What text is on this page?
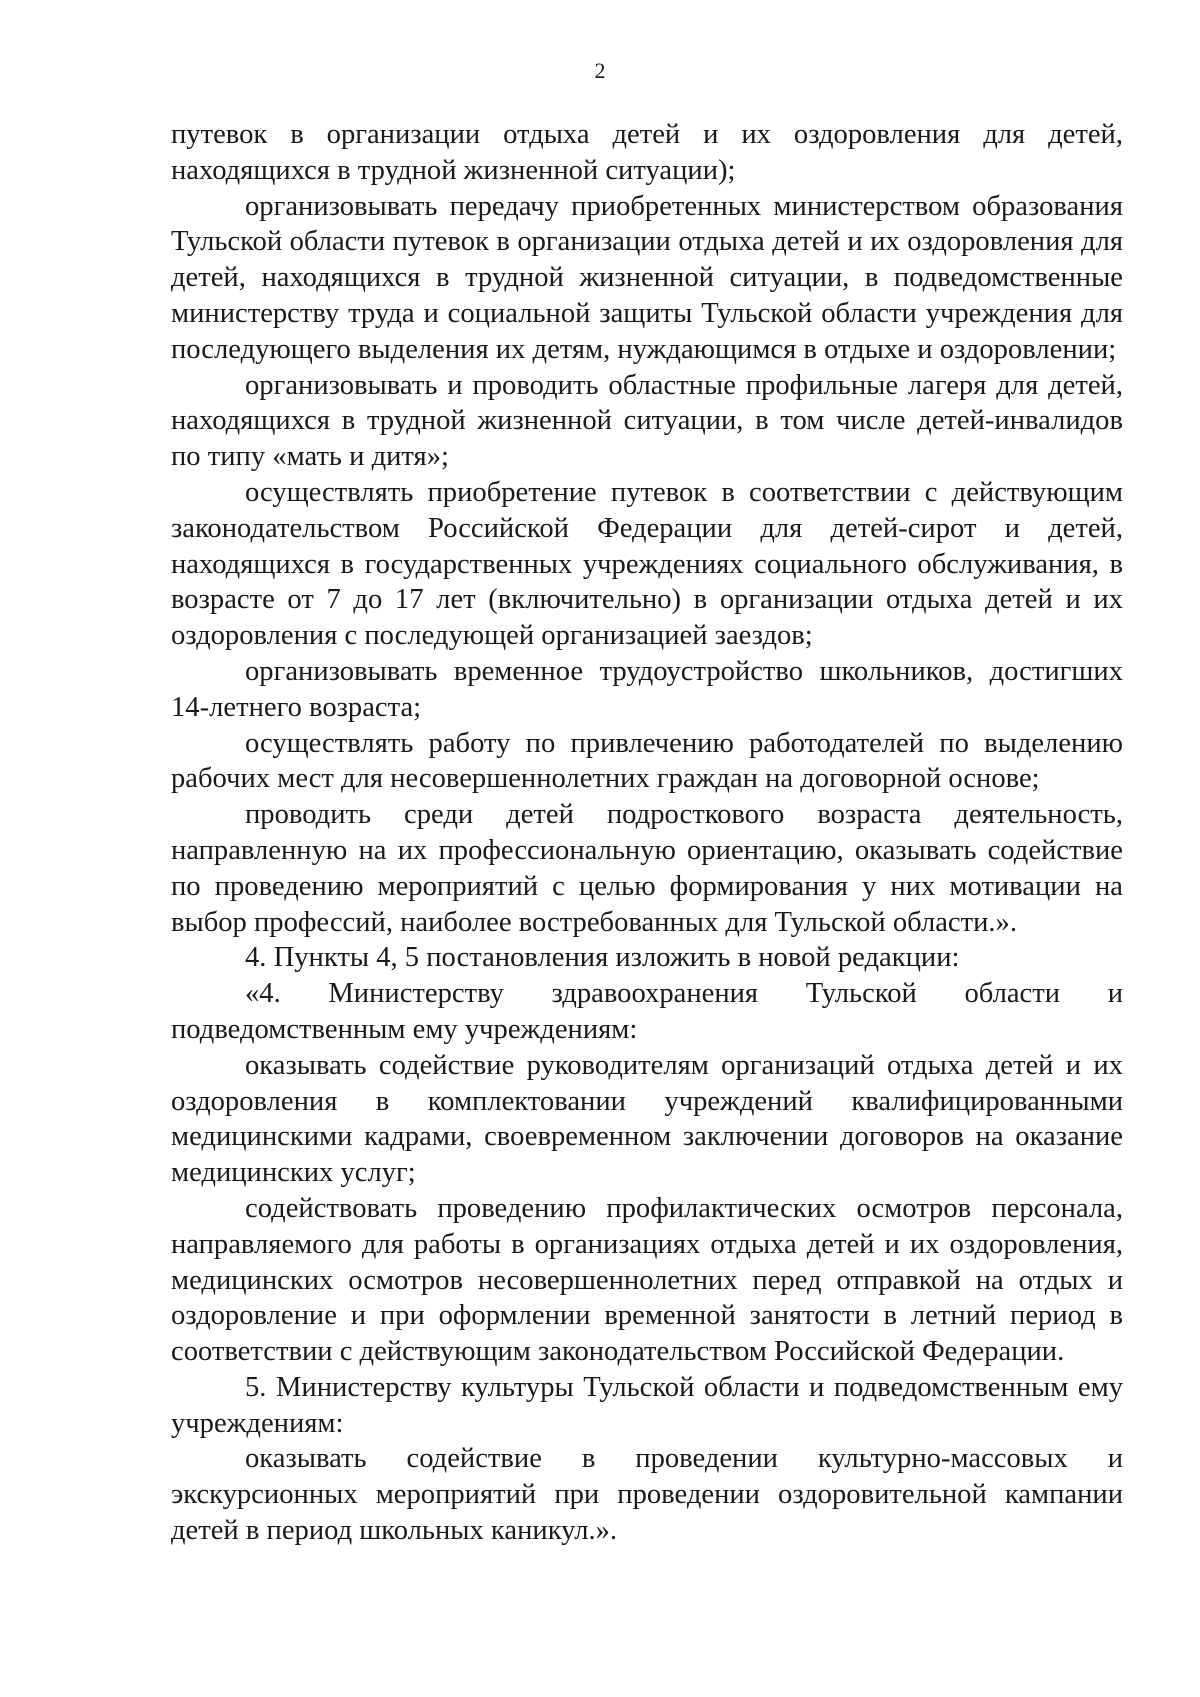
2

путевок в организации отдыха детей и их оздоровления для детей, находящихся в трудной жизненной ситуации);

организовывать передачу приобретенных министерством образования Тульской области путевок в организации отдыха детей и их оздоровления для детей, находящихся в трудной жизненной ситуации, в подведомственные министерству труда и социальной защиты Тульской области учреждения для последующего выделения их детям, нуждающимся в отдыхе и оздоровлении;

организовывать и проводить областные профильные лагеря для детей, находящихся в трудной жизненной ситуации, в том числе детей-инвалидов по типу «мать и дитя»;

осуществлять приобретение путевок в соответствии с действующим законодательством Российской Федерации для детей-сирот и детей, находящихся в государственных учреждениях социального обслуживания, в возрасте от 7 до 17 лет (включительно) в организации отдыха детей и их оздоровления с последующей организацией заездов;

организовывать временное трудоустройство школьников, достигших 14-летнего возраста;

осуществлять работу по привлечению работодателей по выделению рабочих мест для несовершеннолетних граждан на договорной основе;

проводить среди детей подросткового возраста деятельность, направленную на их профессиональную ориентацию, оказывать содействие по проведению мероприятий с целью формирования у них мотивации на выбор профессий, наиболее востребованных для Тульской области.».

4. Пункты 4, 5 постановления изложить в новой редакции:

«4. Министерству здравоохранения Тульской области и подведомственным ему учреждениям:

оказывать содействие руководителям организаций отдыха детей и их оздоровления в комплектовании учреждений квалифицированными медицинскими кадрами, своевременном заключении договоров на оказание медицинских услуг;

содействовать проведению профилактических осмотров персонала, направляемого для работы в организациях отдыха детей и их оздоровления, медицинских осмотров несовершеннолетних перед отправкой на отдых и оздоровление и при оформлении временной занятости в летний период в соответствии с действующим законодательством Российской Федерации.

5. Министерству культуры Тульской области и подведомственным ему учреждениям:

оказывать содействие в проведении культурно-массовых и экскурсионных мероприятий при проведении оздоровительной кампании детей в период школьных каникул.».
